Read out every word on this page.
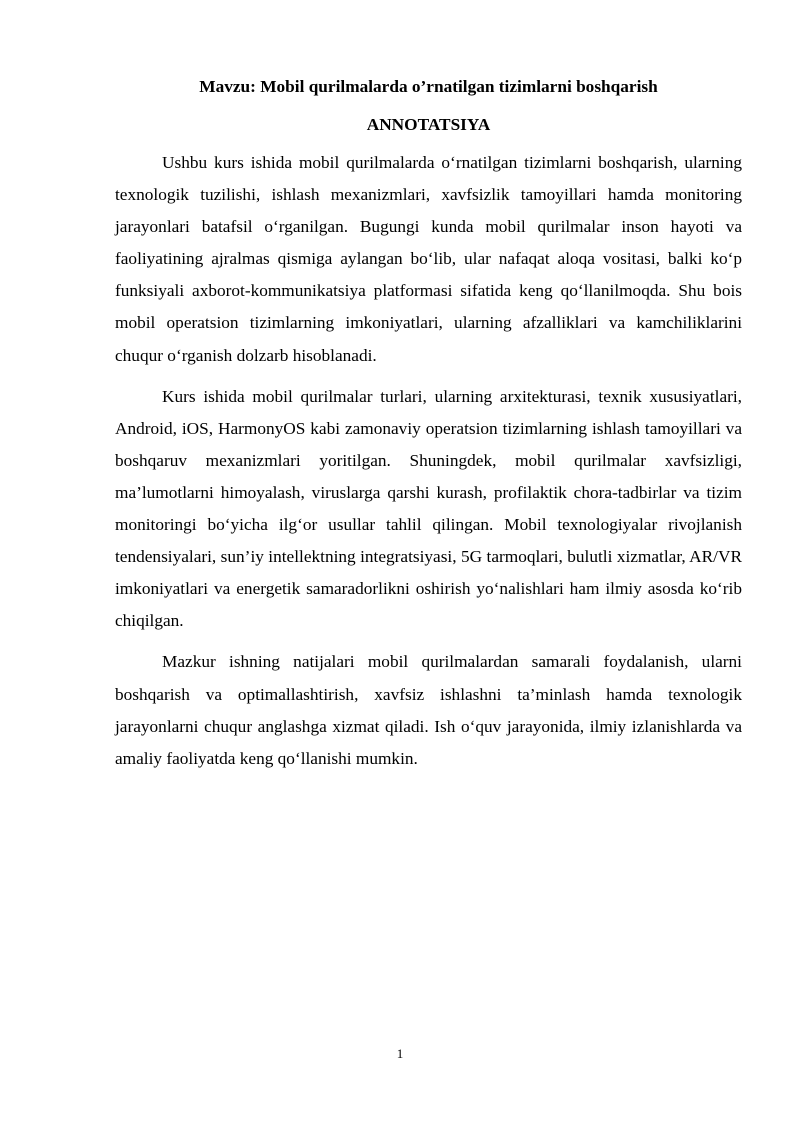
Mavzu: Mobil qurilmalarda o’rnatilgan tizimlarni boshqarish
ANNOTATSIYA

Ushbu kurs ishida mobil qurilmalarda oʻrnatilgan tizimlarni boshqarish, ularning texnologik tuzilishi, ishlash mexanizmlari, xavfsizlik tamoyillari hamda monitoring jarayonlari batafsil oʻrganilgan. Bugungi kunda mobil qurilmalar inson hayoti va faoliyatining ajralmas qismiga aylangan boʻlib, ular nafaqat aloqa vositasi, balki koʻp funksiyali axborot-kommunikatsiya platformasi sifatida keng qoʻllanilmoqda. Shu bois mobil operatsion tizimlarning imkoniyatlari, ularning afzalliklari va kamchiliklarini chuqur oʻrganish dolzarb hisoblanadi.

Kurs ishida mobil qurilmalar turlari, ularning arxitekturasi, texnik xususiyatlari, Android, iOS, HarmonyOS kabi zamonaviy operatsion tizimlarning ishlash tamoyillari va boshqaruv mexanizmlari yoritilgan. Shuningdek, mobil qurilmalar xavfsizligi, ma’lumotlarni himoyalash, viruslarga qarshi kurash, profilaktik chora-tadbirlar va tizim monitoringi boʻyicha ilgʻor usullar tahlil qilingan. Mobil texnologiyalar rivojlanish tendensiyalari, sun’iy intellektning integratsiyasi, 5G tarmoqlari, bulutli xizmatlar, AR/VR imkoniyatlari va energetik samaradorlikni oshirish yoʻnalishlari ham ilmiy asosda koʻrib chiqilgan.

Mazkur ishning natijalari mobil qurilmalardan samarali foydalanish, ularni boshqarish va optimallashtirish, xavfsiz ishlashni ta’minlash hamda texnologik jarayonlarni chuqur anglashga xizmat qiladi. Ish oʻquv jarayonida, ilmiy izlanishlarda va amaliy faoliyatda keng qoʻllanishi mumkin.

1
